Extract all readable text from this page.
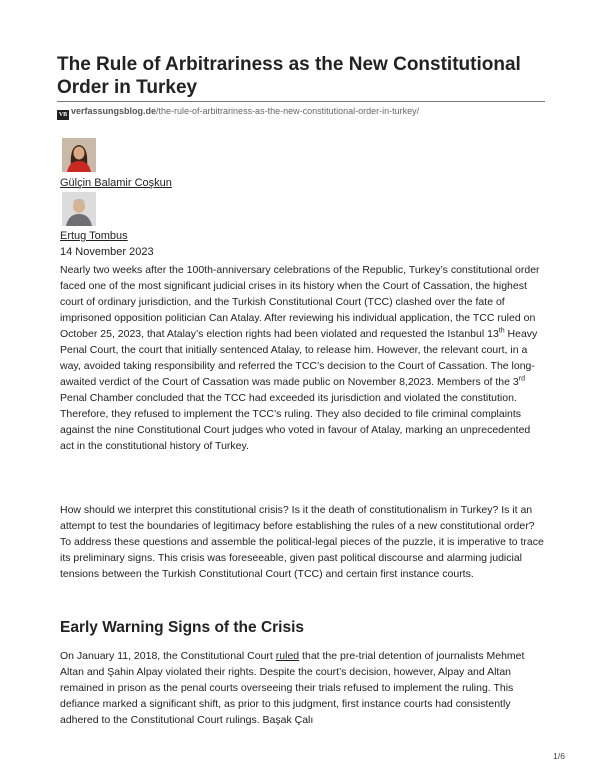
The Rule of Arbitrariness as the New Constitutional Order in Turkey
VB verfassungsblog.de/the-rule-of-arbitrariness-as-the-new-constitutional-order-in-turkey/
Gülçin Balamir Coşkun
Ertug Tombus
14 November 2023

Nearly two weeks after the 100th-anniversary celebrations of the Republic, Turkey’s constitutional order faced one of the most significant judicial crises in its history when the Court of Cassation, the highest court of ordinary jurisdiction, and the Turkish Constitutional Court (TCC) clashed over the fate of imprisoned opposition politician Can Atalay. After reviewing his individual application, the TCC ruled on October 25, 2023, that Atalay’s election rights had been violated and requested the Istanbul 13th Heavy Penal Court, the court that initially sentenced Atalay, to release him. However, the relevant court, in a way, avoided taking responsibility and referred the TCC’s decision to the Court of Cassation. The long-awaited verdict of the Court of Cassation was made public on November 8,2023. Members of the 3rd Penal Chamber concluded that the TCC had exceeded its jurisdiction and violated the constitution. Therefore, they refused to implement the TCC’s ruling. They also decided to file criminal complaints against the nine Constitutional Court judges who voted in favour of Atalay, marking an unprecedented act in the constitutional history of Turkey.

How should we interpret this constitutional crisis? Is it the death of constitutionalism in Turkey? Is it an attempt to test the boundaries of legitimacy before establishing the rules of a new constitutional order? To address these questions and assemble the political-legal pieces of the puzzle, it is imperative to trace its preliminary signs. This crisis was foreseeable, given past political discourse and alarming judicial tensions between the Turkish Constitutional Court (TCC) and certain first instance courts.

Early Warning Signs of the Crisis

On January 11, 2018, the Constitutional Court ruled that the pre-trial detention of journalists Mehmet Altan and Şahin Alpay violated their rights. Despite the court’s decision, however, Alpay and Altan remained in prison as the penal courts overseeing their trials refused to implement the ruling. This defiance marked a significant shift, as prior to this judgment, first instance courts had consistently adhered to the Constitutional Court rulings. Başak Çalı

1/6
